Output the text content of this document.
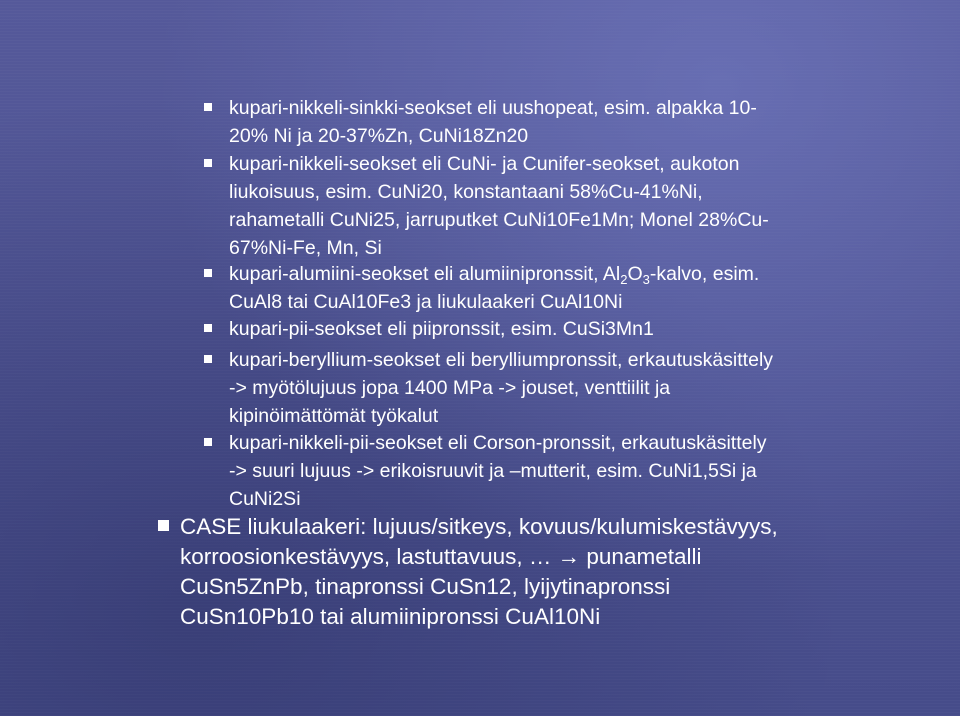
kupari-nikkeli-sinkki-seokset eli uushopeat, esim. alpakka 10-
20% Ni ja 20-37%Zn, CuNi18Zn20
kupari-nikkeli-seokset eli CuNi- ja Cunifer-seokset, aukoton
liukoisuus, esim. CuNi20, konstantaani 58%Cu-41%Ni,
rahametalli CuNi25, jarruputket CuNi10Fe1Mn; Monel 28%Cu-
67%Ni-Fe, Mn, Si
kupari-alumiini-seokset eli alumiinipronssit, $Al_2O_3$-kalvo, esim.
CuAl8 tai CuAl10Fe3 ja liukulaakeri CuAl10Ni
kupari-pii-seokset eli piipronssit, esim. CuSi3Mn1
kupari-beryllium-seokset eli berylliumpronssit, erkautuskäsittely
-> myötölujuus jopa 1400 MPa -> jouset, venttiilit ja
kipinöimättömät työkalut
kupari-nikkeli-pii-seokset eli Corson-pronssit, erkautuskäsittely
-> suuri lujuus -> erikoisruuvit ja –mutterit, esim. CuNi1,5Si ja
CuNi2Si
CASE liukulaakeri: lujuus/sitkeys, kovuus/kulumiskestävyys,
korroosionkestävyys, lastuttavuus, … → punametalli
CuSn5ZnPb, tinapronssi CuSn12, lyijytinapronssi
CuSn10Pb10 tai alumiinipronssi CuAl10Ni
